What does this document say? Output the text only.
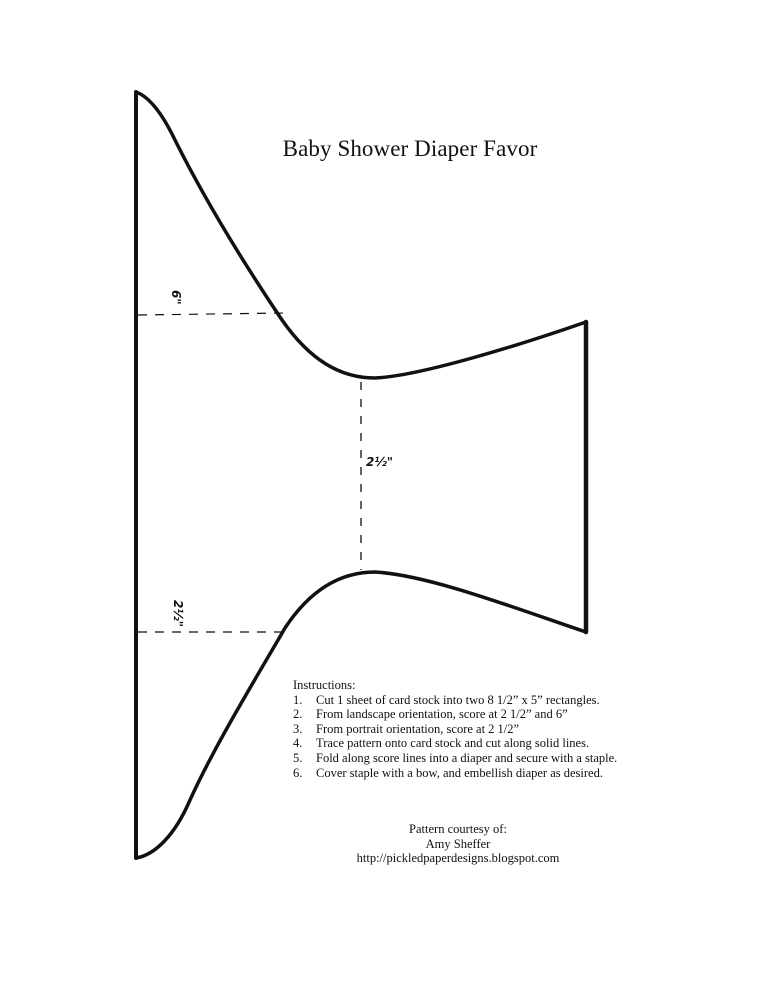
6"
2½"
2½"
Baby Shower Diaper Favor
Instructions:
1.	Cut 1 sheet of card stock into two 8 1/2” x 5” rectangles.
2.	From landscape orientation, score at 2 1/2” and 6”
3.	From portrait orientation, score at 2 1/2”
4.	Trace pattern onto card stock and cut along solid lines.
5.	Fold along score lines into a diaper and secure with a staple.
6.	Cover staple with a bow, and embellish diaper as desired.
Pattern courtesy of:
Amy Sheffer
http://pickledpaperdesigns.blogspot.com
